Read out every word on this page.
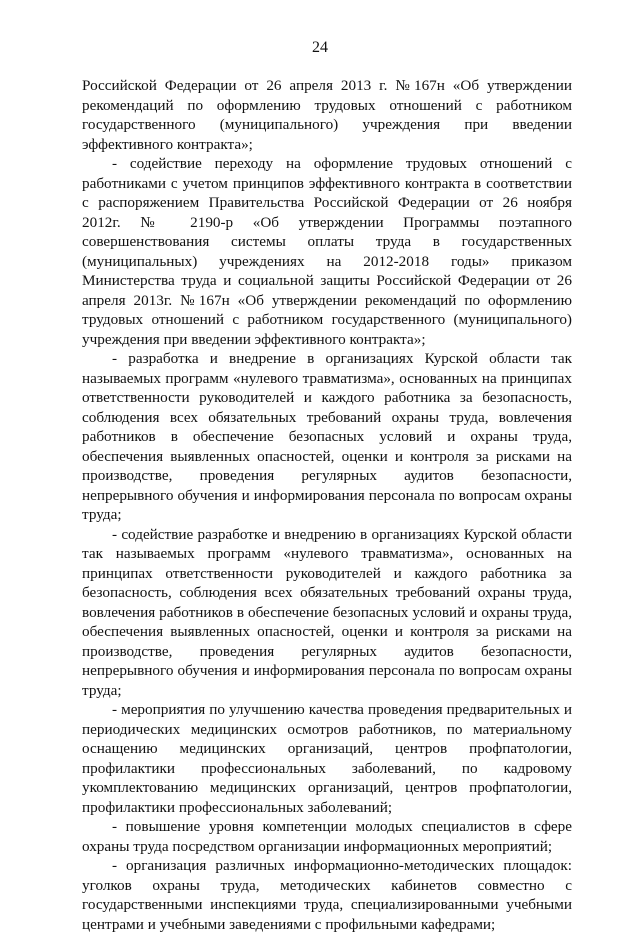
24

Российской Федерации от 26 апреля 2013 г. №167н «Об утверждении рекомендаций по оформлению трудовых отношений с работником государственного (муниципального) учреждения при введении эффективного контракта»;

- содействие переходу на оформление трудовых отношений с работниками с учетом принципов эффективного контракта в соответствии с распоряжением Правительства Российской Федерации от 26 ноября 2012г. № 2190-р «Об утверждении Программы поэтапного совершенствования системы оплаты труда в государственных (муниципальных) учреждениях на 2012-2018 годы» приказом Министерства труда и социальной защиты Российской Федерации от 26 апреля 2013г. №167н «Об утверждении рекомендаций по оформлению трудовых отношений с работником государственного (муниципального) учреждения при введении эффективного контракта»;

- разработка и внедрение в организациях Курской области так называемых программ «нулевого травматизма», основанных на принципах ответственности руководителей и каждого работника за безопасность, соблюдения всех обязательных требований охраны труда, вовлечения работников в обеспечение безопасных условий и охраны труда, обеспечения выявленных опасностей, оценки и контроля за рисками на производстве, проведения регулярных аудитов безопасности, непрерывного обучения и информирования персонала по вопросам охраны труда;

- содействие разработке и внедрению в организациях Курской области так называемых программ «нулевого травматизма», основанных на принципах ответственности руководителей и каждого работника за безопасность, соблюдения всех обязательных требований охраны труда, вовлечения работников в обеспечение безопасных условий и охраны труда, обеспечения выявленных опасностей, оценки и контроля за рисками на производстве, проведения регулярных аудитов безопасности, непрерывного обучения и информирования персонала по вопросам охраны труда;

- мероприятия по улучшению качества проведения предварительных и периодических медицинских осмотров работников, по материальному оснащению медицинских организаций, центров профпатологии, профилактики профессиональных заболеваний, по кадровому укомплектованию медицинских организаций, центров профпатологии, профилактики профессиональных заболеваний;

- повышение уровня компетенции молодых специалистов в сфере охраны труда посредством организации информационных мероприятий;

- организация различных информационно-методических площадок: уголков охраны труда, методических кабинетов совместно с государственными инспекциями труда, специализированными учебными центрами и учебными заведениями с профильными кафедрами;
